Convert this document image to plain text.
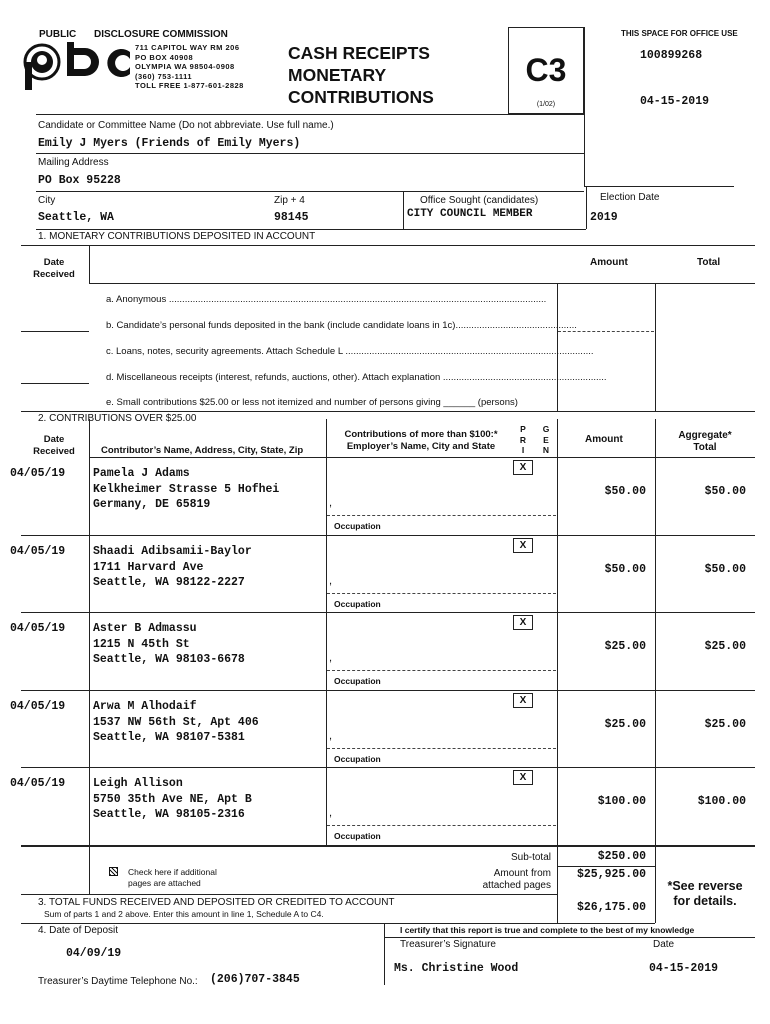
PUBLIC DISCLOSURE COMMISSION
711 CAPITOL WAY RM 206
PO BOX 40908
OLYMPIA WA 98504-0908
(360) 753-1111
TOLL FREE 1-877-601-2828
CASH RECEIPTS
MONETARY
CONTRIBUTIONS
C3
(1/02)
THIS SPACE FOR OFFICE USE
100899268
04-15-2019
Candidate or Committee Name (Do not abbreviate. Use full name.)
Emily J Myers (Friends of Emily Myers)
Mailing Address
PO Box 95228
City
Seattle, WA
Zip + 4
98145
Office Sought (candidates)
CITY COUNCIL MEMBER
Election Date
2019
1. MONETARY CONTRIBUTIONS DEPOSITED IN ACCOUNT
Date
Received
Amount	Total
a. Anonymous ...............................................................................................................................................
b. Candidate’s personal funds deposited in the bank (include candidate loans in 1c)..............................................
c. Loans, notes, security agreements. Attach Schedule L ..............................................................................................
d. Miscellaneous receipts (interest, refunds, auctions, other). Attach explanation ..............................................................
e. Small contributions $25.00 or less not itemized and number of persons giving ______ (persons)
2. CONTRIBUTIONS OVER $25.00
Date
Received	Contributor’s Name, Address, City, State, Zip
Contributions of more than $100:*
Employer’s Name, City and State
P
R
I
G
E
N
Amount	Aggregate*
Total
04/05/19 Pamela J Adams
Kelkheimer Strasse 5 Hofhei
Germany, DE 65819	,
Occupation
X
$50.00	$50.00
04/05/19 Shaadi Adibsamii-Baylor
1711 Harvard Ave
Seattle, WA 98122-2227	,
Occupation
X
$50.00	$50.00
04/05/19 Aster B Admassu
1215 N 45th St
Seattle, WA 98103-6678	,
Occupation
X
$25.00	$25.00
04/05/19 Arwa M Alhodaif
1537 NW 56th St, Apt 406
Seattle, WA 98107-5381	,
Occupation
X
$25.00	$25.00
04/05/19 Leigh Allison
5750 35th Ave NE, Apt B
Seattle, WA 98105-2316	,
Occupation
X
$100.00	$100.00
Check here if additional
pages are attached
Sub-total	$250.00
Amount from
attached pages
$25,925.00
*See reverse
for details.
3. TOTAL FUNDS RECEIVED AND DEPOSITED OR CREDITED TO ACCOUNT
Sum of parts 1 and 2 above. Enter this amount in line 1, Schedule A to C4.	$26,175.00
4. Date of Deposit
04/09/19
Treasurer’s Daytime Telephone No.: (206)707-3845
I certify that this report is true and complete to the best of my knowledge
Treasurer’s Signature	Date
Ms. Christine Wood	04-15-2019
